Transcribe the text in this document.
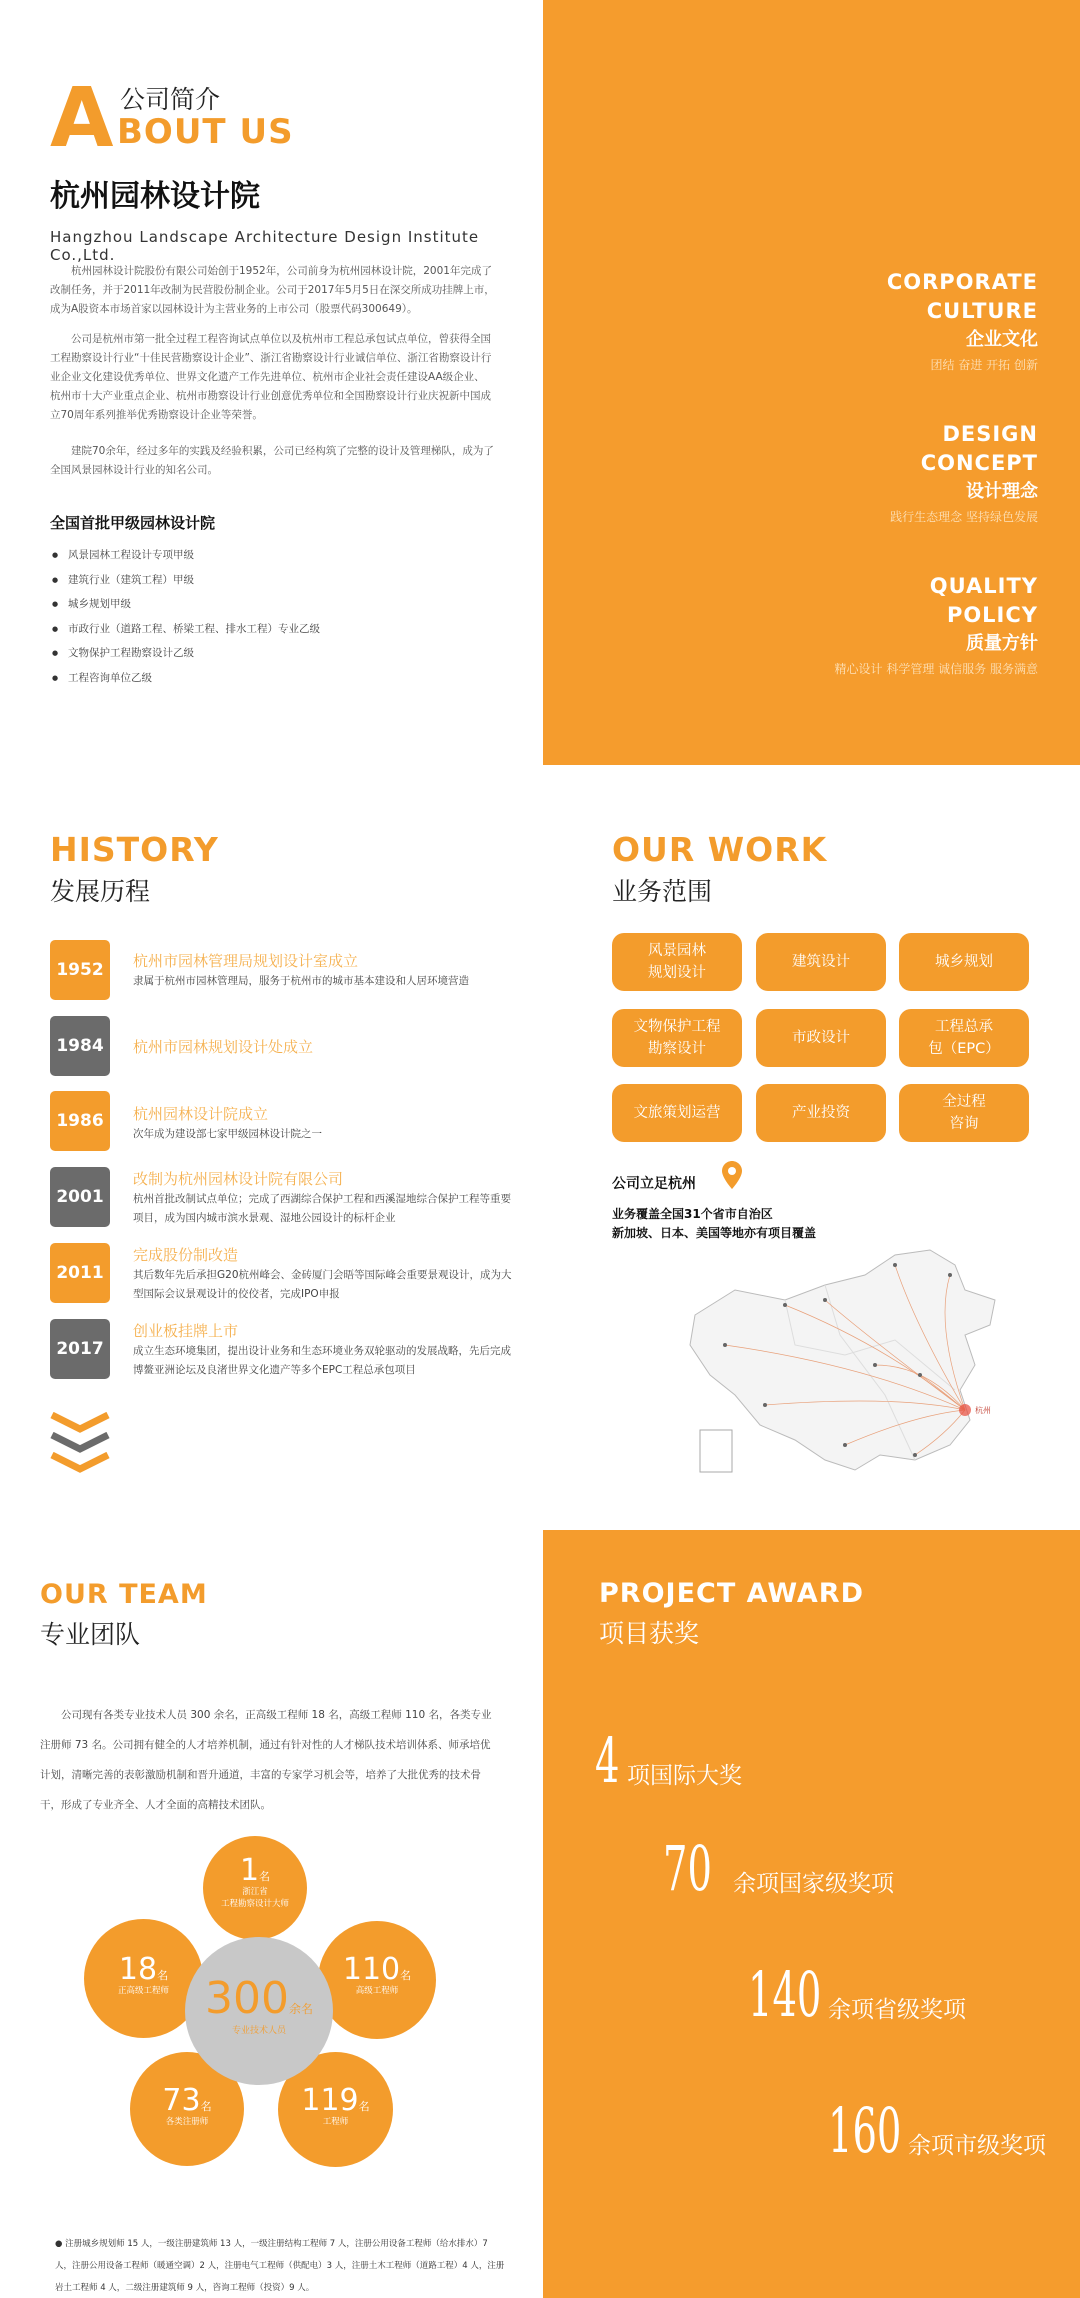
公司简介
A BOUT US
杭州园林设计院
Hangzhou Landscape Architecture Design Institute Co.,Ltd.

杭州园林设计院股份有限公司始创于1952年，公司前身为杭州园林设计院，2001年完成了改制任务，并于2011年改制为民营股份制企业。公司于2017年5月5日在深交所成功挂牌上市，成为A股资本市场首家以园林设计为主营业务的上市公司（股票代码300649）。

公司是杭州市第一批全过程工程咨询试点单位以及杭州市工程总承包试点单位，曾获得全国工程勘察设计行业“十佳民营勘察设计企业”、浙江省勘察设计行业诚信单位、浙江省勘察设计行业企业文化建设优秀单位、世界文化遗产工作先进单位、杭州市企业社会责任建设AA级企业、杭州市十大产业重点企业、杭州市勘察设计行业创意优秀单位和全国勘察设计行业庆祝新中国成立70周年系列推举优秀勘察设计企业等荣誉。

建院70余年，经过多年的实践及经验积累，公司已经构筑了完整的设计及管理梯队，成为了全国风景园林设计行业的知名公司。

全国首批甲级园林设计院
● 风景园林工程设计专项甲级
● 建筑行业（建筑工程）甲级
● 城乡规划甲级
● 市政行业（道路工程、桥梁工程、排水工程）专业乙级
● 文物保护工程勘察设计乙级
● 工程咨询单位乙级
CORPORATE
CULTURE
企业文化
团结 奋进 开拓 创新
DESIGN
CONCEPT
设计理念
践行生态理念 坚持绿色发展
QUALITY
POLICY
质量方针
精心设计 科学管理 诚信服务 服务满意
HISTORY
发展历程
1952	杭州市园林管理局规划设计室成立
隶属于杭州市园林管理局，服务于杭州市的城市基本建设和人居环境营造
1984	杭州市园林规划设计处成立
1986	杭州园林设计院成立
次年成为建设部七家甲级园林设计院之一
2001
改制为杭州园林设计院有限公司
杭州首批改制试点单位；完成了西湖综合保护工程和西溪湿地综合保护工程等重要项目，成为国内城市滨水景观、湿地公园设计的标杆企业
2011
完成股份制改造
其后数年先后承担G20杭州峰会、金砖厦门会晤等国际峰会重要景观设计，成为大型国际会议景观设计的佼佼者，完成IPO申报
2017
创业板挂牌上市
成立生态环境集团，提出设计业务和生态环境业务双轮驱动的发展战略，先后完成博鳌亚洲论坛及良渚世界文化遗产等多个EPC工程总承包项目
OUR WORK
业务范围
风景园林
规划设计
建筑设计	城乡规划
文物保护工程
勘察设计
市政设计
工程总承
包（EPC）
文旅策划运营	产业投资
全过程
咨询
公司立足杭州
业务覆盖全国31个省市自治区
新加坡、日本、美国等地亦有项目覆盖
杭州
OUR TEAM
专业团队

公司现有各类专业技术人员 300 余名，正高级工程师 18 名，高级工程师 110 名，各类专业注册师 73 名。公司拥有健全的人才培养机制，通过有针对性的人才梯队技术培训体系、师承培优计划，清晰完善的表彰激励机制和晋升通道，丰富的专家学习机会等，培养了大批优秀的技术骨干，形成了专业齐全、人才全面的高精技术团队。

1名
浙江省
工程勘察设计大师
110名
高级工程师
119名
工程师
73名
各类注册师
18名
正高级工程师 300余名
专业技术人员

● 注册城乡规划师 15 人，一级注册建筑师 13 人，一级注册结构工程师 7 人，注册公用设备工程师（给水排水）7 人，注册公用设备工程师（暖通空调）2 人，注册电气工程师（供配电）3 人，注册土木工程师（道路工程）4 人，注册岩土工程师 4 人，二级注册建筑师 9 人，咨询工程师（投资）9 人。

PROJECT AWARD
项目获奖
4 项国际大奖
70 余项国家级奖项
140 余项省级奖项
160 余项市级奖项
